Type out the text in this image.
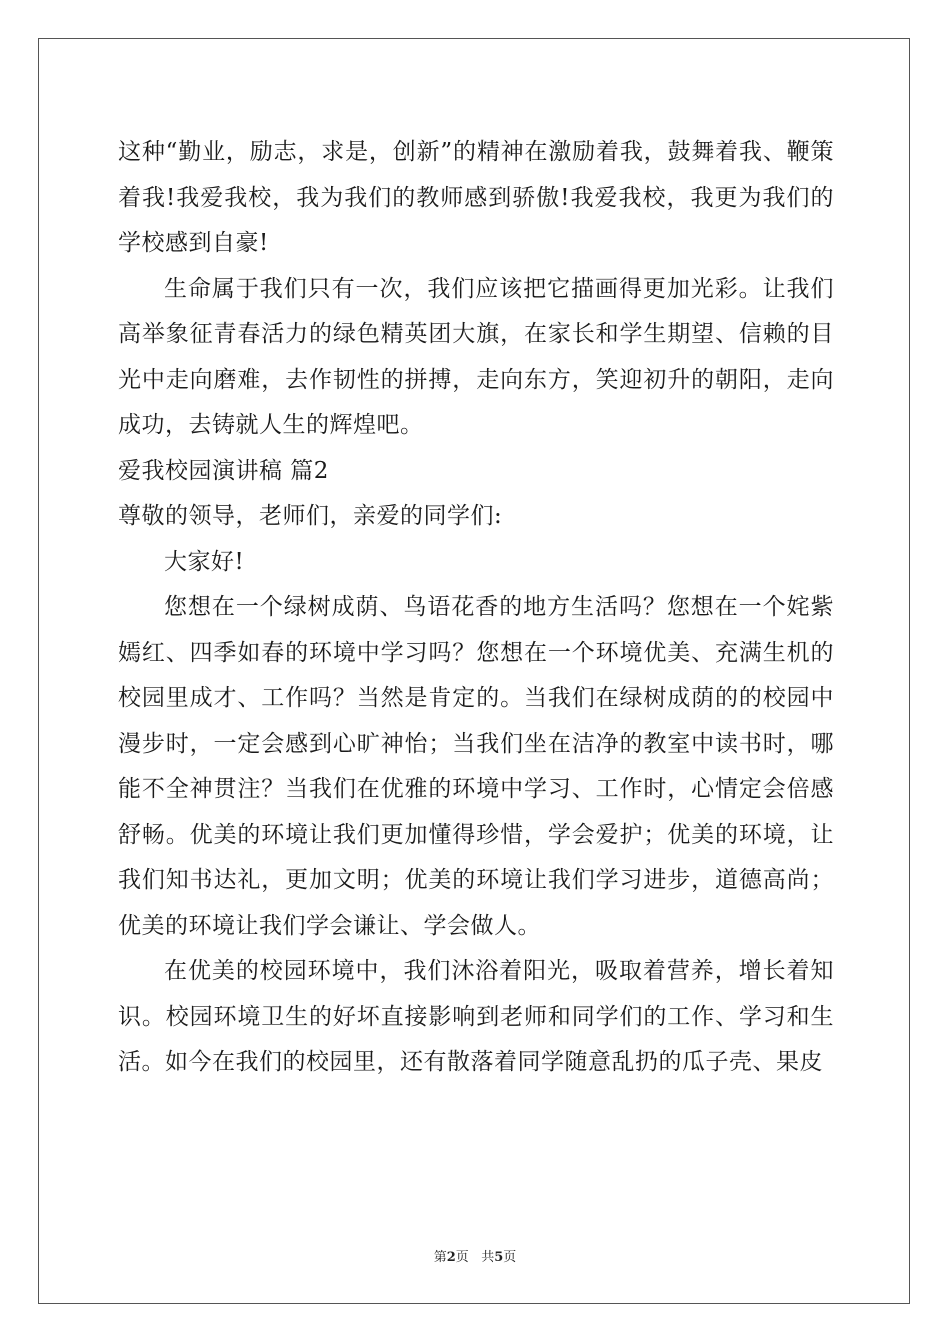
这种“勤业，励志，求是，创新”的精神在激励着我，鼓舞着我、鞭策着我!我爱我校，我为我们的教师感到骄傲!我爱我校，我更为我们的学校感到自豪!

生命属于我们只有一次，我们应该把它描画得更加光彩。让我们高举象征青春活力的绿色精英团大旗，在家长和学生期望、信赖的目光中走向磨难，去作韧性的拼搏，走向东方，笑迎初升的朝阳，走向成功，去铸就人生的辉煌吧。

爱我校园演讲稿 篇2

尊敬的领导，老师们，亲爱的同学们:

大家好!

您想在一个绿树成荫、鸟语花香的地方生活吗？您想在一个姹紫嫣红、四季如春的环境中学习吗？您想在一个环境优美、充满生机的校园里成才、工作吗？当然是肯定的。当我们在绿树成荫的的校园中漫步时，一定会感到心旷神怡；当我们坐在洁净的教室中读书时，哪能不全神贯注？当我们在优雅的环境中学习、工作时，心情定会倍感舒畅。优美的环境让我们更加懂得珍惜，学会爱护；优美的环境，让我们知书达礼，更加文明；优美的环境让我们学习进步，道德高尚；优美的环境让我们学会谦让、学会做人。

在优美的校园环境中，我们沐浴着阳光，吸取着营养，增长着知识。校园环境卫生的好坏直接影响到老师和同学们的工作、学习和生活。如今在我们的校园里，还有散落着同学随意乱扔的瓜子壳、果皮

第2页 共5页
